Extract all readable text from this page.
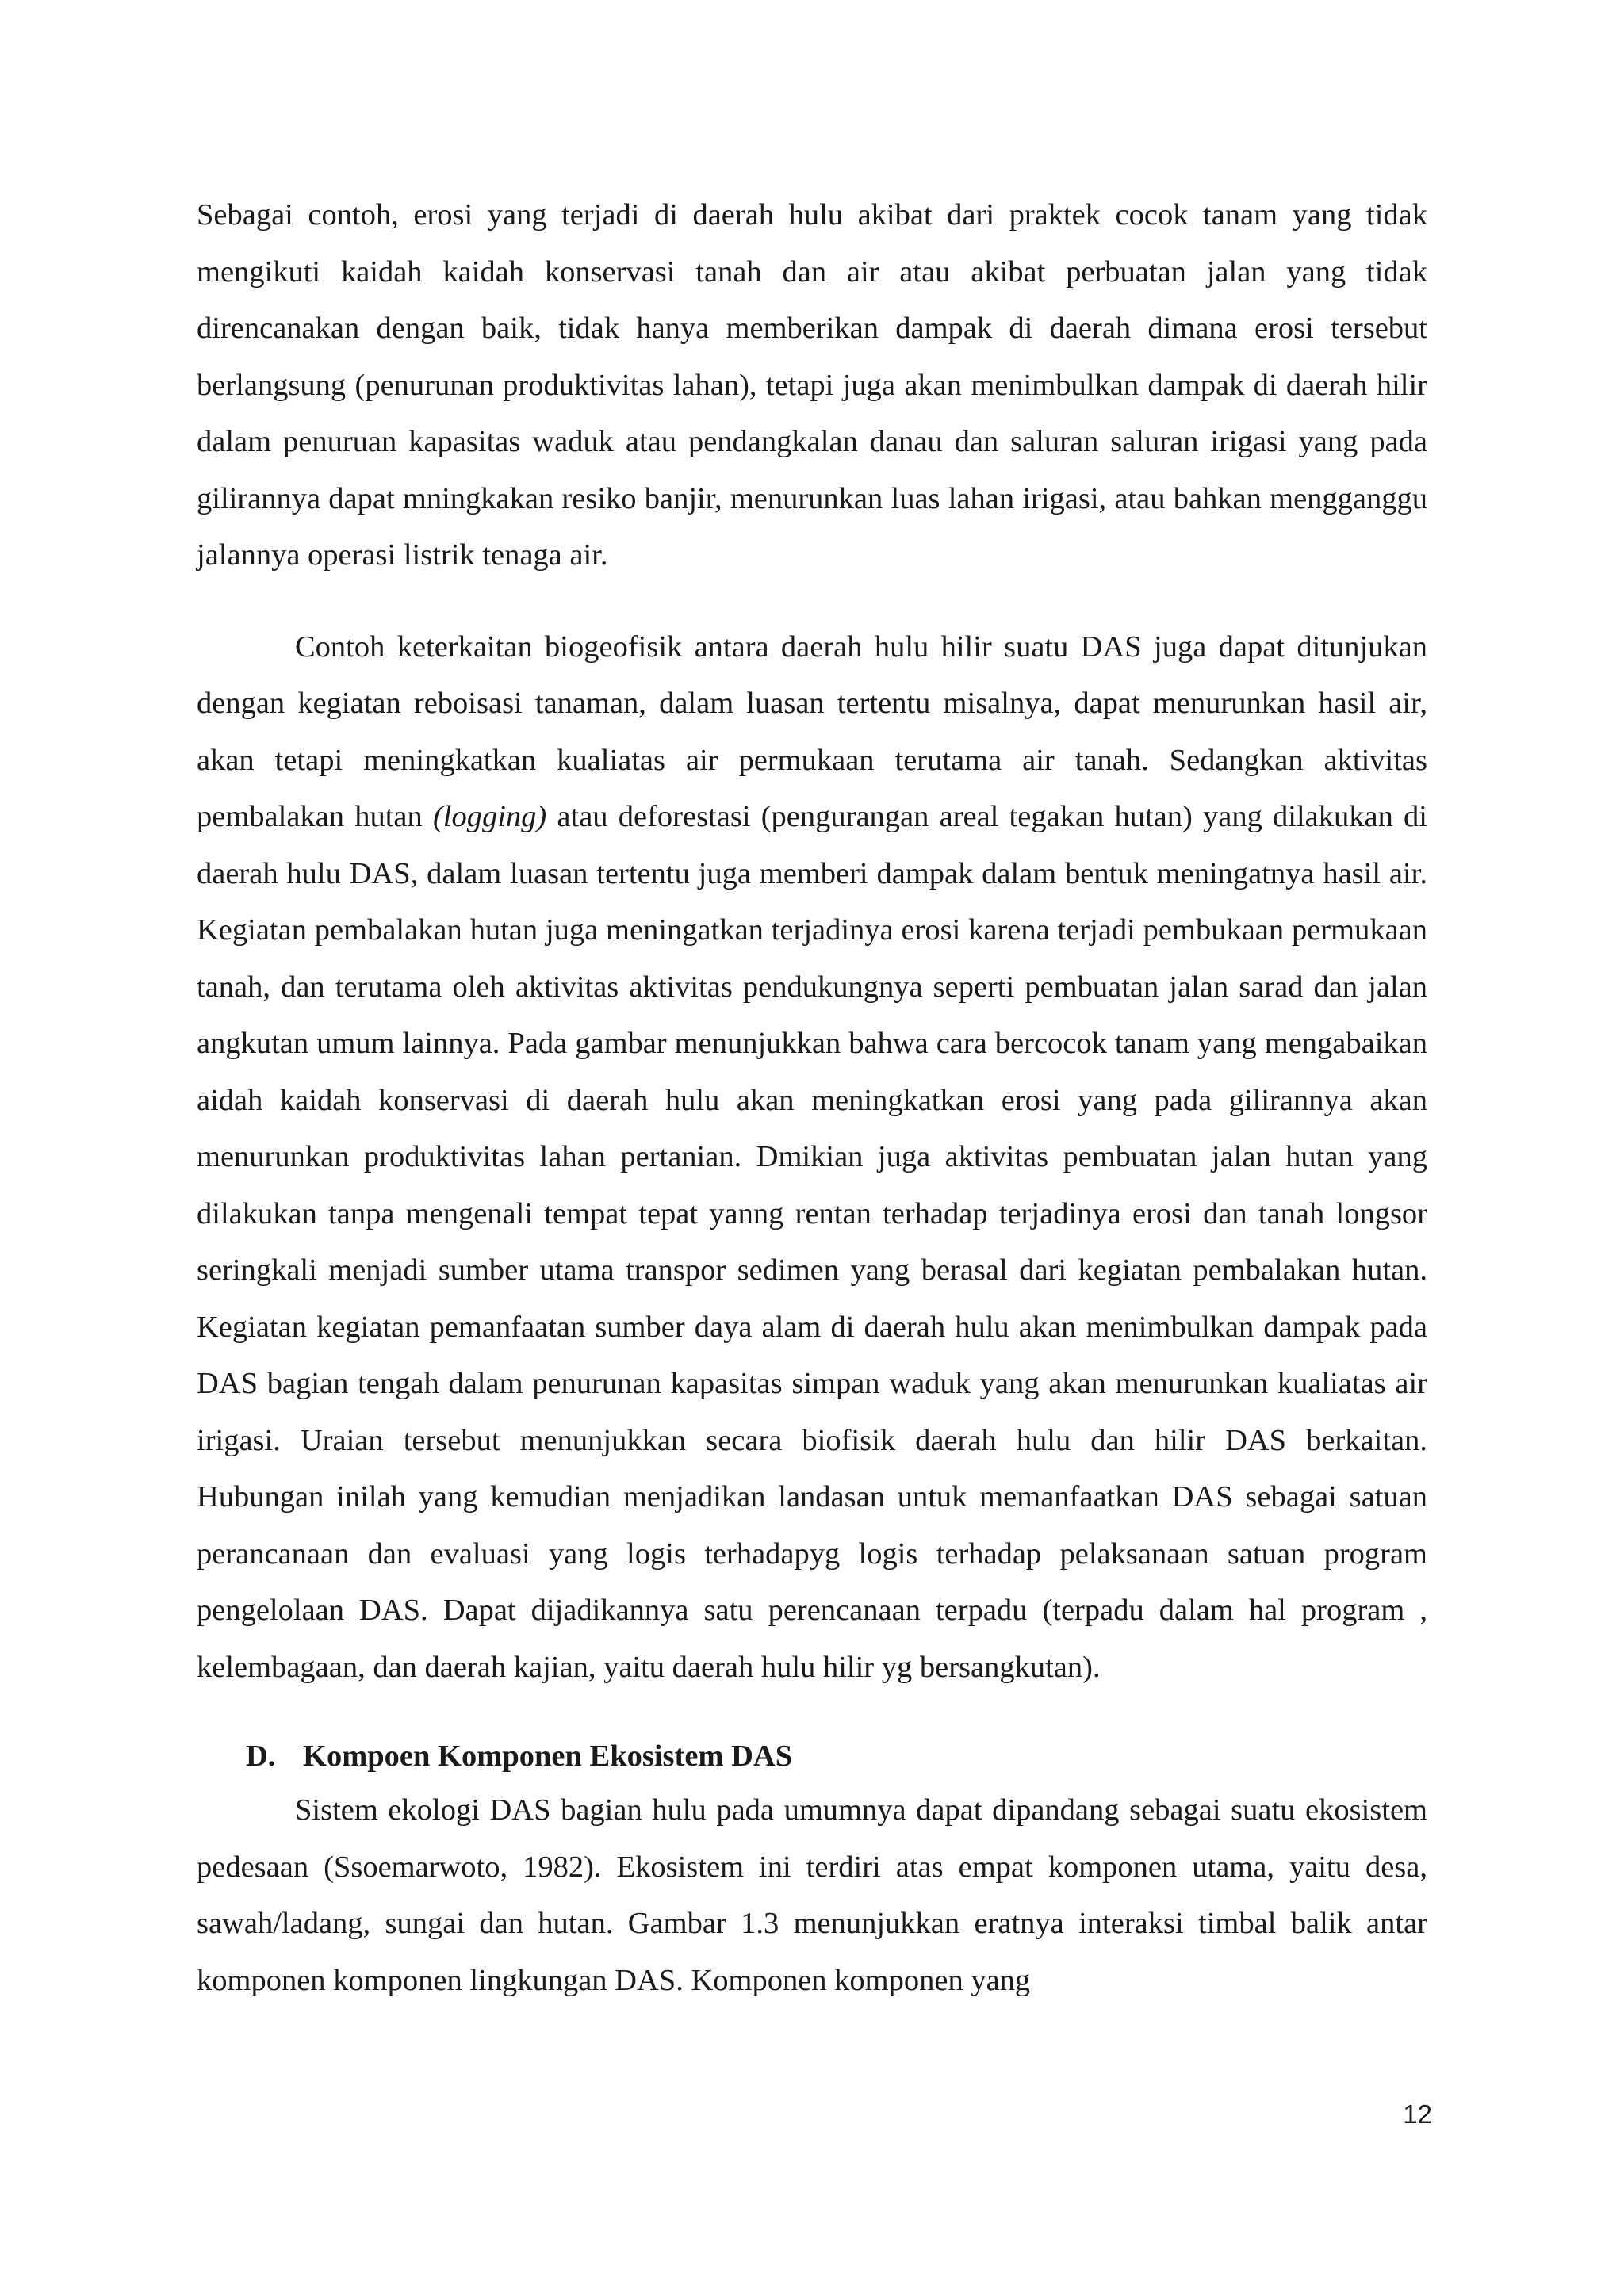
Sebagai contoh, erosi yang terjadi di daerah hulu akibat dari praktek cocok tanam yang tidak mengikuti kaidah kaidah konservasi tanah dan air atau akibat perbuatan jalan yang tidak direncanakan dengan baik, tidak hanya memberikan dampak di daerah dimana erosi tersebut berlangsung (penurunan produktivitas lahan), tetapi juga akan menimbulkan dampak di daerah hilir dalam penuruan kapasitas waduk atau pendangkalan danau dan saluran saluran irigasi yang pada gilirannya dapat mningkakan resiko banjir, menurunkan luas lahan irigasi, atau bahkan mengganggu jalannya operasi listrik tenaga air.

Contoh keterkaitan biogeofisik antara daerah hulu hilir suatu DAS juga dapat ditunjukan dengan kegiatan reboisasi tanaman, dalam luasan tertentu misalnya, dapat menurunkan hasil air, akan tetapi meningkatkan kualiatas air permukaan terutama air tanah. Sedangkan aktivitas pembalakan hutan (logging) atau deforestasi (pengurangan areal tegakan hutan) yang dilakukan di daerah hulu DAS, dalam luasan tertentu juga memberi dampak dalam bentuk meningatnya hasil air. Kegiatan pembalakan hutan juga meningatkan terjadinya erosi karena terjadi pembukaan permukaan tanah, dan terutama oleh aktivitas aktivitas pendukungnya seperti pembuatan jalan sarad dan jalan angkutan umum lainnya. Pada gambar menunjukkan bahwa cara bercocok tanam yang mengabaikan aidah kaidah konservasi di daerah hulu akan meningkatkan erosi yang pada gilirannya akan menurunkan produktivitas lahan pertanian. Dmikian juga aktivitas pembuatan jalan hutan yang dilakukan tanpa mengenali tempat tepat yanng rentan terhadap terjadinya erosi dan tanah longsor seringkali menjadi sumber utama transpor sedimen yang berasal dari kegiatan pembalakan hutan. Kegiatan kegiatan pemanfaatan sumber daya alam di daerah hulu akan menimbulkan dampak pada DAS bagian tengah dalam penurunan kapasitas simpan waduk yang akan menurunkan kualiatas air irigasi. Uraian tersebut menunjukkan secara biofisik daerah hulu dan hilir DAS berkaitan. Hubungan inilah yang kemudian menjadikan landasan untuk memanfaatkan DAS sebagai satuan perancanaan dan evaluasi yang logis terhadapyg logis terhadap pelaksanaan satuan program pengelolaan DAS. Dapat dijadikannya satu perencanaan terpadu (terpadu dalam hal program , kelembagaan, dan daerah kajian, yaitu daerah hulu hilir yg bersangkutan).

D. Kompoen Komponen Ekosistem DAS

Sistem ekologi DAS bagian hulu pada umumnya dapat dipandang sebagai suatu ekosistem pedesaan (Ssoemarwoto, 1982). Ekosistem ini terdiri atas empat komponen utama, yaitu desa, sawah/ladang, sungai dan hutan. Gambar 1.3 menunjukkan eratnya interaksi timbal balik antar komponen komponen lingkungan DAS. Komponen komponen yang

12
